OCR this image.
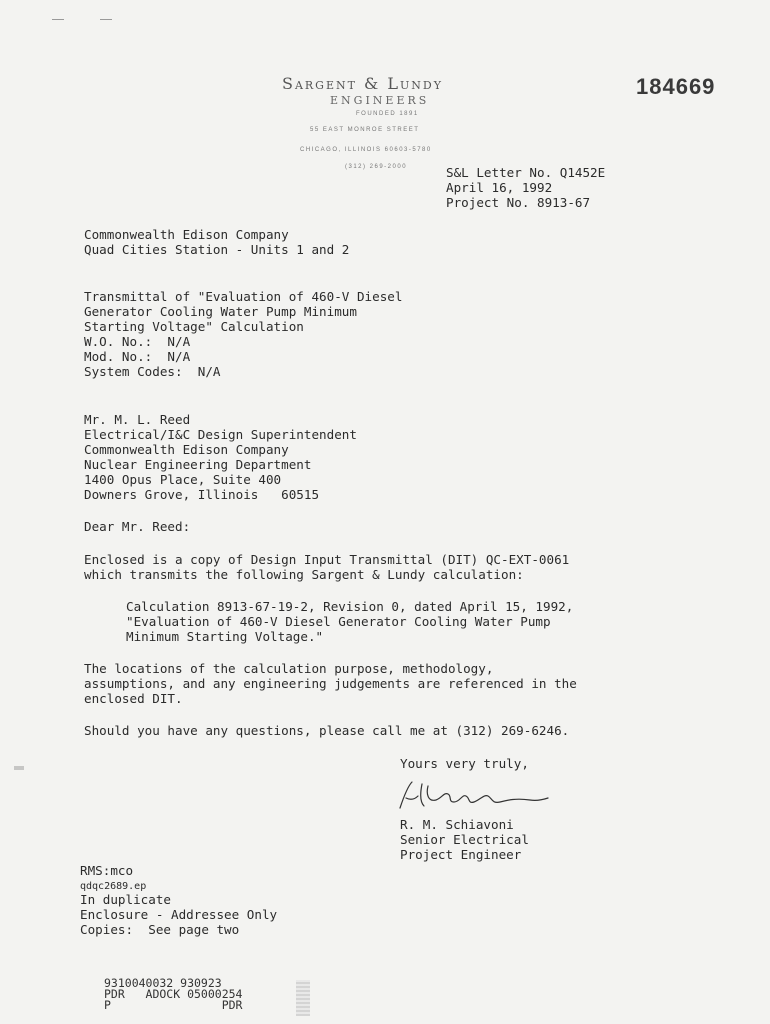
Sargent & Lundy
ENGINEERS
FOUNDED 1891
55 EAST MONROE STREET
CHICAGO, ILLINOIS 60603-5780
(312) 269-2000
184669
S&L Letter No. Q1452E
April 16, 1992
Project No. 8913-67
Commonwealth Edison Company
Quad Cities Station - Units 1 and 2
Transmittal of "Evaluation of 460-V Diesel
Generator Cooling Water Pump Minimum
Starting Voltage" Calculation
W.O. No.:  N/A
Mod. No.:  N/A
System Codes:  N/A
Mr. M. L. Reed
Electrical/I&C Design Superintendent
Commonwealth Edison Company
Nuclear Engineering Department
1400 Opus Place, Suite 400
Downers Grove, Illinois   60515
Dear Mr. Reed:
Enclosed is a copy of Design Input Transmittal (DIT) QC-EXT-0061
which transmits the following Sargent & Lundy calculation:
Calculation 8913-67-19-2, Revision 0, dated April 15, 1992,
"Evaluation of 460-V Diesel Generator Cooling Water Pump
Minimum Starting Voltage."
The locations of the calculation purpose, methodology,
assumptions, and any engineering judgements are referenced in the
enclosed DIT.
Should you have any questions, please call me at (312) 269-6246.
Yours very truly,
R. M. Schiavoni
Senior Electrical
Project Engineer
RMS:mco
qdqc2689.ep
In duplicate
Enclosure - Addressee Only
Copies:  See page two
9310040032 930923
PDR   ADOCK 05000254
P                PDR
